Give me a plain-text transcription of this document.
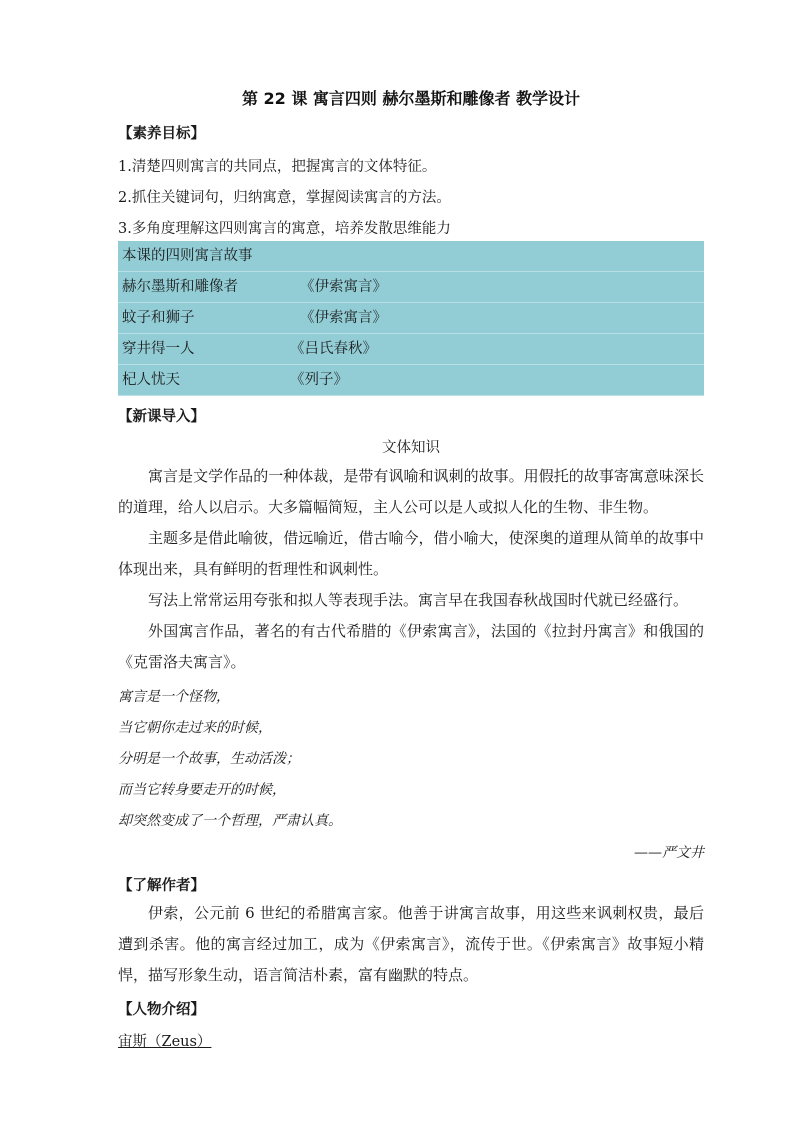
第 22 课 寓言四则 赫尔墨斯和雕像者 教学设计
【素养目标】
1.清楚四则寓言的共同点，把握寓言的文体特征。
2.抓住关键词句，归纳寓意，掌握阅读寓言的方法。
3.多角度理解这四则寓言的寓意，培养发散思维能力
本课的四则寓言故事
赫尔墨斯和雕像者	《伊索寓言》
蚊子和狮子	《伊索寓言》
穿井得一人	《吕氏春秋》
杞人忧天	《列子》
【新课导入】
文体知识
寓言是文学作品的一种体裁，是带有讽喻和讽刺的故事。用假托的故事寄寓意味深长的道理，给人以启示。大多篇幅简短，主人公可以是人或拟人化的生物、非生物。
主题多是借此喻彼，借远喻近，借古喻今，借小喻大，使深奥的道理从简单的故事中体现出来，具有鲜明的哲理性和讽刺性。
写法上常常运用夸张和拟人等表现手法。寓言早在我国春秋战国时代就已经盛行。
外国寓言作品，著名的有古代希腊的《伊索寓言》，法国的《拉封丹寓言》和俄国的《克雷洛夫寓言》。
寓言是一个怪物，
当它朝你走过来的时候，
分明是一个故事，生动活泼；
而当它转身要走开的时候，
却突然变成了一个哲理，严肃认真。
——严文井
【了解作者】
伊索，公元前 6 世纪的希腊寓言家。他善于讲寓言故事，用这些来讽刺权贵，最后遭到杀害。他的寓言经过加工，成为《伊索寓言》，流传于世。《伊索寓言》故事短小精悍，描写形象生动，语言简洁朴素，富有幽默的特点。
【人物介绍】
宙斯（Zeus）
